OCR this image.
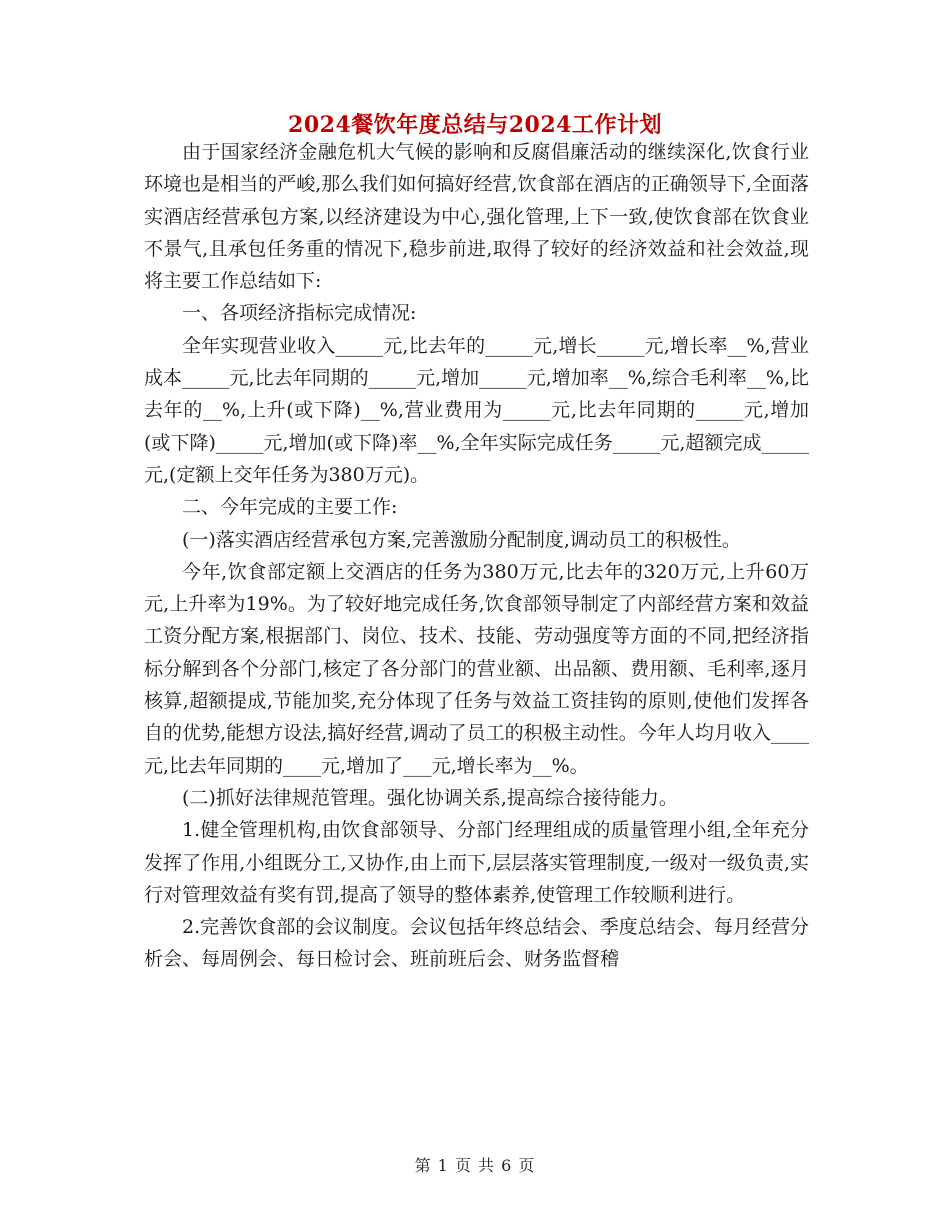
2024餐饮年度总结与2024工作计划

由于国家经济金融危机大气候的影响和反腐倡廉活动的继续深化,饮食行业环境也是相当的严峻,那么我们如何搞好经营,饮食部在酒店的正确领导下,全面落实酒店经营承包方案,以经济建设为中心,强化管理,上下一致,使饮食部在饮食业不景气,且承包任务重的情况下,稳步前进,取得了较好的经济效益和社会效益,现将主要工作总结如下:

一、各项经济指标完成情况:

全年实现营业收入_____元,比去年的_____元,增长_____元,增长率__%,营业成本_____元,比去年同期的_____元,增加_____元,增加率__%,综合毛利率__%,比去年的__%,上升(或下降)__%,营业费用为_____元,比去年同期的_____元,增加(或下降)_____元,增加(或下降)率__%,全年实际完成任务_____元,超额完成_____元,(定额上交年任务为380万元)。

二、今年完成的主要工作:

(一)落实酒店经营承包方案,完善激励分配制度,调动员工的积极性。

今年,饮食部定额上交酒店的任务为380万元,比去年的320万元,上升60万元,上升率为19%。为了较好地完成任务,饮食部领导制定了内部经营方案和效益工资分配方案,根据部门、岗位、技术、技能、劳动强度等方面的不同,把经济指标分解到各个分部门,核定了各分部门的营业额、出品额、费用额、毛利率,逐月核算,超额提成,节能加奖,充分体现了任务与效益工资挂钩的原则,使他们发挥各自的优势,能想方设法,搞好经营,调动了员工的积极主动性。今年人均月收入____元,比去年同期的____元,增加了___元,增长率为__%。

(二)抓好法律规范管理。强化协调关系,提高综合接待能力。

1.健全管理机构,由饮食部领导、分部门经理组成的质量管理小组,全年充分发挥了作用,小组既分工,又协作,由上而下,层层落实管理制度,一级对一级负责,实行对管理效益有奖有罚,提高了领导的整体素养,使管理工作较顺利进行。

2.完善饮食部的会议制度。会议包括年终总结会、季度总结会、每月经营分析会、每周例会、每日检讨会、班前班后会、财务监督稽

第 1 页 共 6 页
